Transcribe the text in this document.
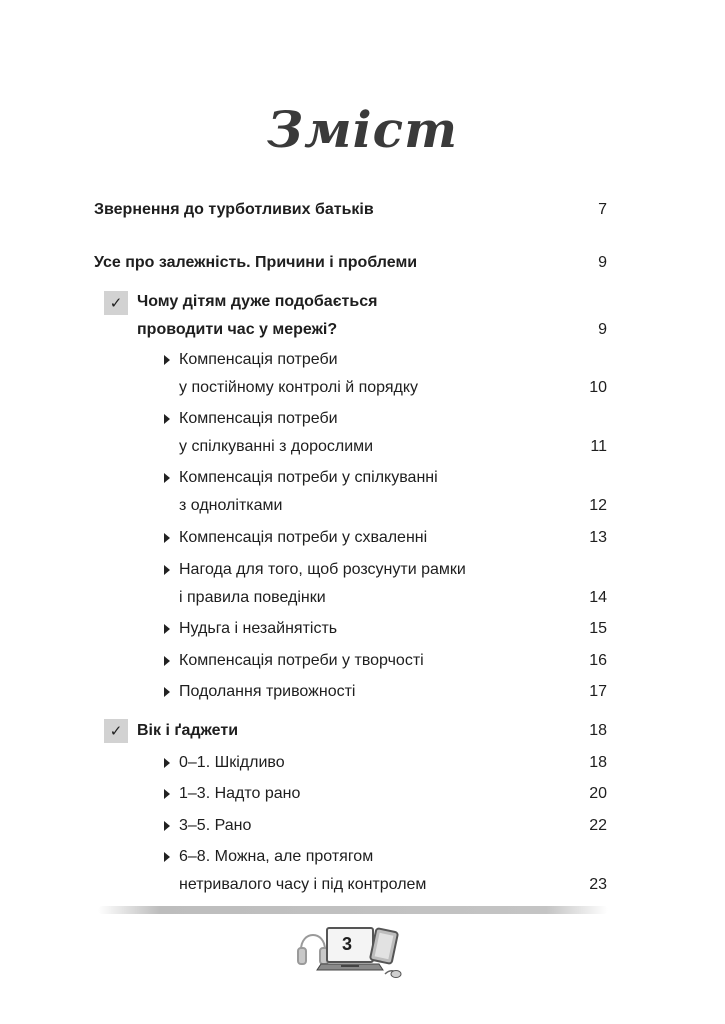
Зміст
Звернення до турботливих батьків	7
Усе про залежність. Причини і проблеми	9
✓ Чому дітям дуже подобається
проводити час у мережі?	9
Компенсація потреби
у постійному контролі й порядку	10
Компенсація потреби
у спілкуванні з дорослими	11
Компенсація потреби у спілкуванні
з однолітками	12
Компенсація потреби у схваленні	13
Нагода для того, щоб розсунути рамки
і правила поведінки	14
Нудьга і незайнятість	15
Компенсація потреби у творчості	16
Подолання тривожності	17
✓ Вік і ґаджети	18
0–1. Шкідливо	18
1–3. Надто рано	20
3–5. Рано	22
6–8. Можна, але протягом
нетривалого часу і під контролем	23
3
